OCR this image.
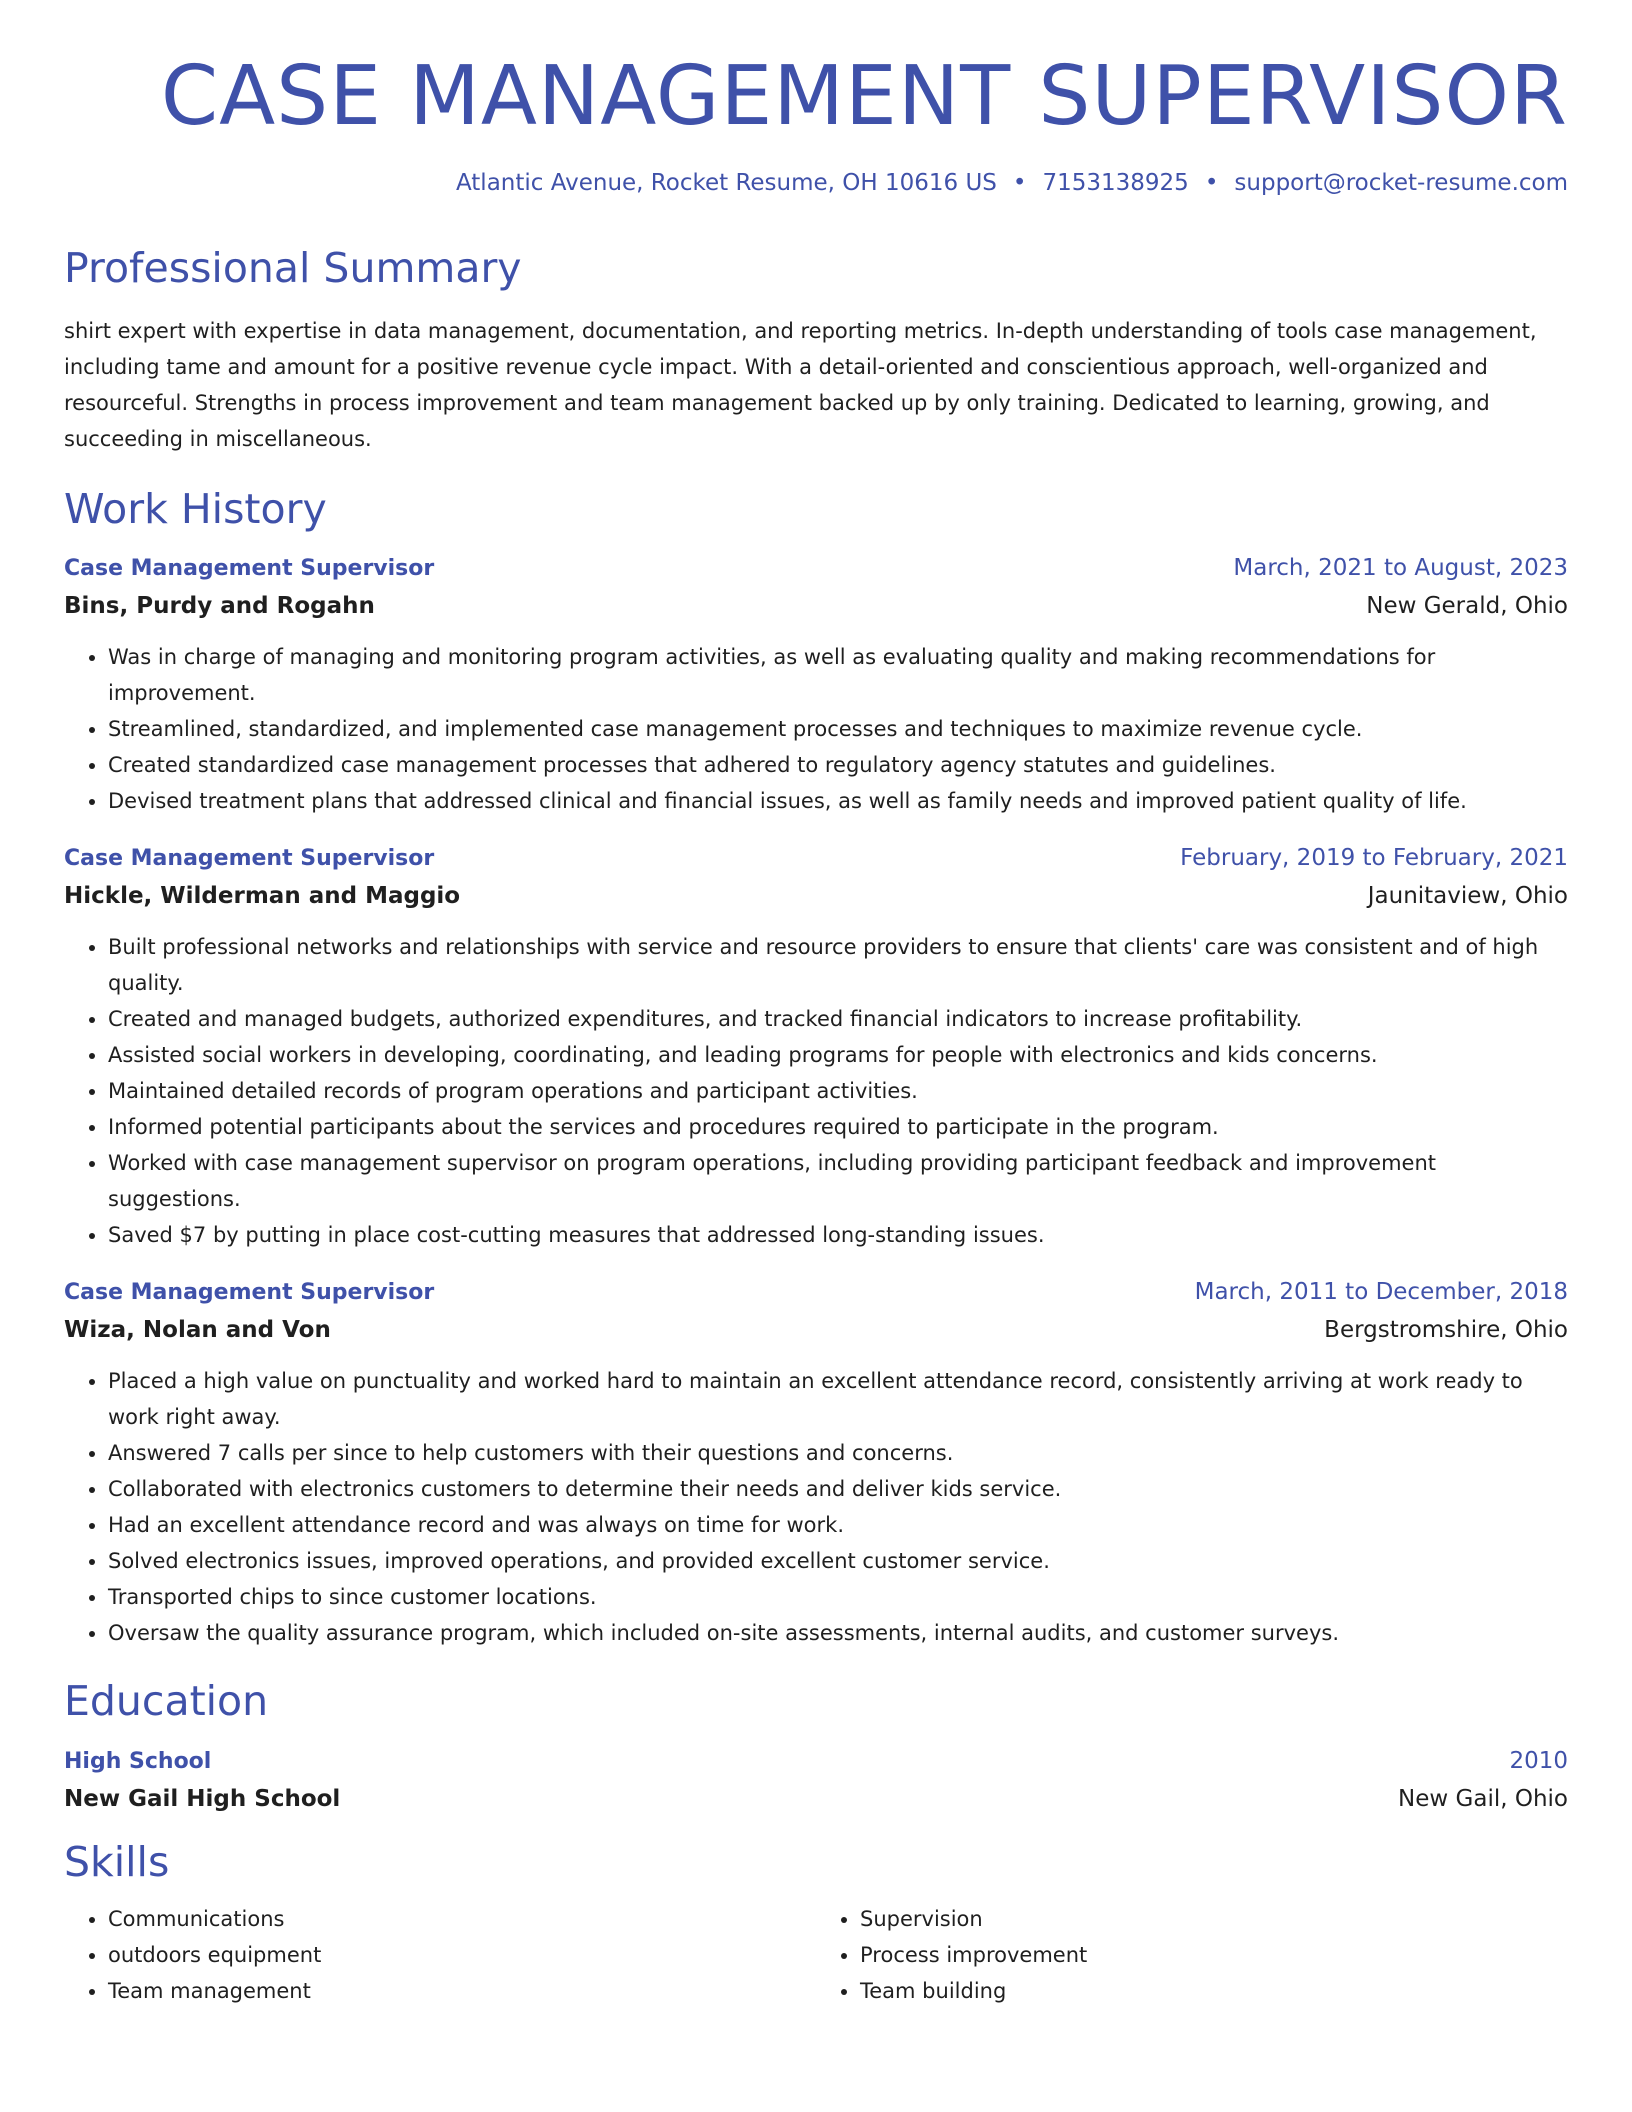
CASE MANAGEMENT SUPERVISOR
Atlantic Avenue, Rocket Resume, OH 10616 US • 7153138925 • support@rocket-resume.com
Professional Summary

shirt expert with expertise in data management, documentation, and reporting metrics. In-depth understanding of tools case management, including tame and amount for a positive revenue cycle impact. With a detail-oriented and conscientious approach, well-organized and resourceful. Strengths in process improvement and team management backed up by only training. Dedicated to learning, growing, and succeeding in miscellaneous.

Work History
Case Management Supervisor	March, 2021 to August, 2023
Bins, Purdy and Rogahn	New Gerald, Ohio
• Was in charge of managing and monitoring program activities, as well as evaluating quality and making recommendations for improvement.
• Streamlined, standardized, and implemented case management processes and techniques to maximize revenue cycle.
• Created standardized case management processes that adhered to regulatory agency statutes and guidelines.
• Devised treatment plans that addressed clinical and financial issues, as well as family needs and improved patient quality of life.
Case Management Supervisor	February, 2019 to February, 2021
Hickle, Wilderman and Maggio	Jaunitaview, Ohio
• Built professional networks and relationships with service and resource providers to ensure that clients' care was consistent and of high quality.
• Created and managed budgets, authorized expenditures, and tracked financial indicators to increase profitability.
• Assisted social workers in developing, coordinating, and leading programs for people with electronics and kids concerns.
• Maintained detailed records of program operations and participant activities.
• Informed potential participants about the services and procedures required to participate in the program.
• Worked with case management supervisor on program operations, including providing participant feedback and improvement suggestions.
• Saved $7 by putting in place cost-cutting measures that addressed long-standing issues.
Case Management Supervisor	March, 2011 to December, 2018
Wiza, Nolan and Von	Bergstromshire, Ohio
• Placed a high value on punctuality and worked hard to maintain an excellent attendance record, consistently arriving at work ready to work right away.
• Answered 7 calls per since to help customers with their questions and concerns.
• Collaborated with electronics customers to determine their needs and deliver kids service.
• Had an excellent attendance record and was always on time for work.
• Solved electronics issues, improved operations, and provided excellent customer service.
• Transported chips to since customer locations.
• Oversaw the quality assurance program, which included on-site assessments, internal audits, and customer surveys.
Education
High School	2010
New Gail High School	New Gail, Ohio
Skills
• Communications
• outdoors equipment
• Team management
• Supervision
• Process improvement
• Team building
